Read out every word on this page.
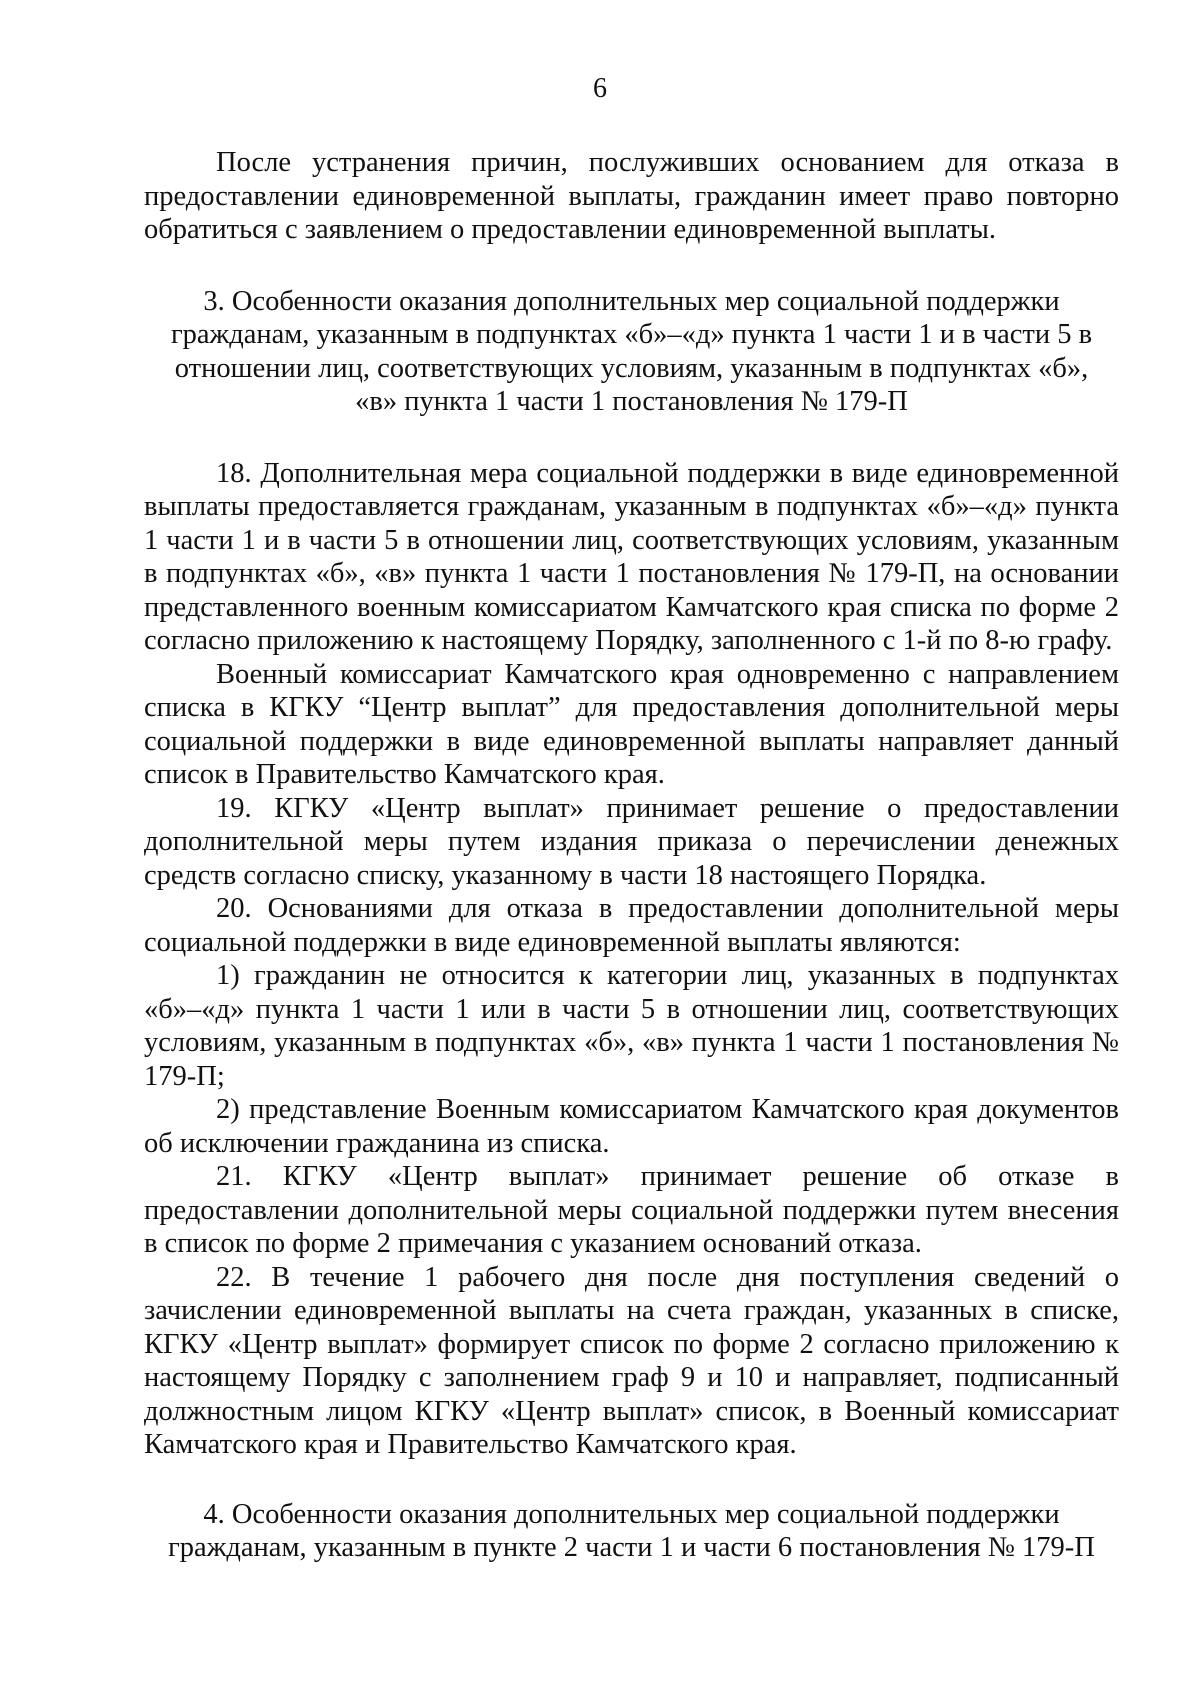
6

После устранения причин, послуживших основанием для отказа в предоставлении единовременной выплаты, гражданин имеет право повторно обратиться с заявлением о предоставлении единовременной выплаты.

3. Особенности оказания дополнительных мер социальной поддержки гражданам, указанным в подпунктах «б»–«д» пункта 1 части 1 и в части 5 в отношении лиц, соответствующих условиям, указанным в подпунктах «б», «в» пункта 1 части 1 постановления № 179-П

18. Дополнительная мера социальной поддержки в виде единовременной выплаты предоставляется гражданам, указанным в подпунктах «б»–«д» пункта 1 части 1 и в части 5 в отношении лиц, соответствующих условиям, указанным в подпунктах «б», «в» пункта 1 части 1 постановления № 179-П, на основании представленного военным комиссариатом Камчатского края списка по форме 2 согласно приложению к настоящему Порядку, заполненного с 1-й по 8-ю графу.

Военный комиссариат Камчатского края одновременно с направлением списка в КГКУ “Центр выплат” для предоставления дополнительной меры социальной поддержки в виде единовременной выплаты направляет данный список в Правительство Камчатского края.

19. КГКУ «Центр выплат» принимает решение о предоставлении дополнительной меры путем издания приказа о перечислении денежных средств согласно списку, указанному в части 18 настоящего Порядка.

20. Основаниями для отказа в предоставлении дополнительной меры социальной поддержки в виде единовременной выплаты являются:

1) гражданин не относится к категории лиц, указанных в подпунктах «б»–«д» пункта 1 части 1 или в части 5 в отношении лиц, соответствующих условиям, указанным в подпунктах «б», «в» пункта 1 части 1 постановления № 179-П;

2) представление Военным комиссариатом Камчатского края документов об исключении гражданина из списка.

21. КГКУ «Центр выплат» принимает решение об отказе в предоставлении дополнительной меры социальной поддержки путем внесения в список по форме 2 примечания с указанием оснований отказа.

22. В течение 1 рабочего дня после дня поступления сведений о зачислении единовременной выплаты на счета граждан, указанных в списке, КГКУ «Центр выплат» формирует список по форме 2 согласно приложению к настоящему Порядку с заполнением граф 9 и 10 и направляет, подписанный должностным лицом КГКУ «Центр выплат» список, в Военный комиссариат Камчатского края и Правительство Камчатского края.

4. Особенности оказания дополнительных мер социальной поддержки гражданам, указанным в пункте 2 части 1 и части 6 постановления № 179-П
